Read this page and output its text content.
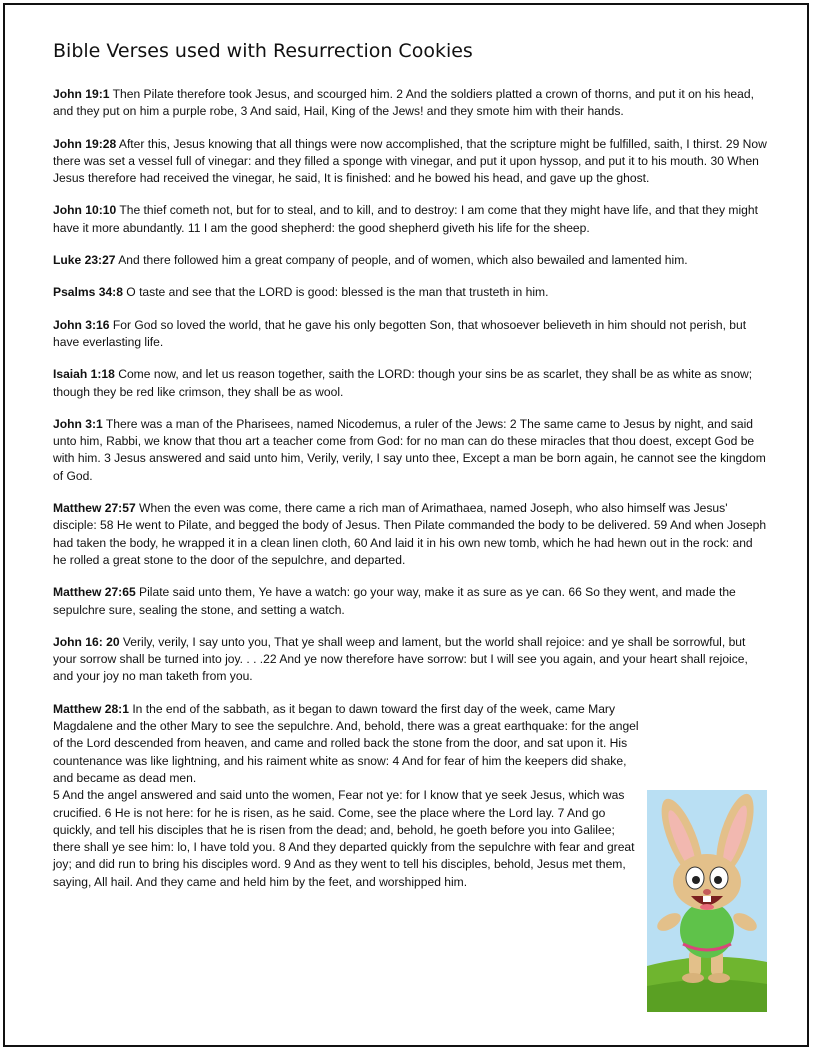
Bible Verses used with Resurrection Cookies

John 19:1 Then Pilate therefore took Jesus, and scourged him. 2 And the soldiers platted a crown of thorns, and put it on his head, and they put on him a purple robe, 3 And said, Hail, King of the Jews! and they smote him with their hands.

John 19:28 After this, Jesus knowing that all things were now accomplished, that the scripture might be fulfilled, saith, I thirst. 29 Now there was set a vessel full of vinegar: and they filled a sponge with vinegar, and put it upon hyssop, and put it to his mouth. 30 When Jesus therefore had received the vinegar, he said, It is finished: and he bowed his head, and gave up the ghost.

John 10:10 The thief cometh not, but for to steal, and to kill, and to destroy: I am come that they might have life, and that they might have it more abundantly. 11 I am the good shepherd: the good shepherd giveth his life for the sheep.

Luke 23:27 And there followed him a great company of people, and of women, which also bewailed and lamented him.

Psalms 34:8 O taste and see that the LORD is good: blessed is the man that trusteth in him.

John 3:16 For God so loved the world, that he gave his only begotten Son, that whosoever believeth in him should not perish, but have everlasting life.

Isaiah 1:18 Come now, and let us reason together, saith the LORD: though your sins be as scarlet, they shall be as white as snow; though they be red like crimson, they shall be as wool.

John 3:1 There was a man of the Pharisees, named Nicodemus, a ruler of the Jews: 2 The same came to Jesus by night, and said unto him, Rabbi, we know that thou art a teacher come from God: for no man can do these miracles that thou doest, except God be with him. 3 Jesus answered and said unto him, Verily, verily, I say unto thee, Except a man be born again, he cannot see the kingdom of God.

Matthew 27:57 When the even was come, there came a rich man of Arimathaea, named Joseph, who also himself was Jesus' disciple: 58 He went to Pilate, and begged the body of Jesus. Then Pilate commanded the body to be delivered. 59 And when Joseph had taken the body, he wrapped it in a clean linen cloth, 60 And laid it in his own new tomb, which he had hewn out in the rock: and he rolled a great stone to the door of the sepulchre, and departed.

Matthew 27:65 Pilate said unto them, Ye have a watch: go your way, make it as sure as ye can. 66 So they went, and made the sepulchre sure, sealing the stone, and setting a watch.

John 16: 20 Verily, verily, I say unto you, That ye shall weep and lament, but the world shall rejoice: and ye shall be sorrowful, but your sorrow shall be turned into joy. . . .22 And ye now therefore have sorrow: but I will see you again, and your heart shall rejoice, and your joy no man taketh from you.

Matthew 28:1 In the end of the sabbath, as it began to dawn toward the first day of the week, came Mary Magdalene and the other Mary to see the sepulchre. And, behold, there was a great earthquake: for the angel of the Lord descended from heaven, and came and rolled back the stone from the door, and sat upon it. His countenance was like lightning, and his raiment white as snow: 4 And for fear of him the keepers did shake, and became as dead men.
5 And the angel answered and said unto the women, Fear not ye: for I know that ye seek Jesus, which was crucified. 6 He is not here: for he is risen, as he said. Come, see the place where the Lord lay. 7 And go quickly, and tell his disciples that he is risen from the dead; and, behold, he goeth before you into Galilee; there shall ye see him: lo, I have told you. 8 And they departed quickly from the sepulchre with fear and great joy; and did run to bring his disciples word. 9 And as they went to tell his disciples, behold, Jesus met them, saying, All hail. And they came and held him by the feet, and worshipped him.
